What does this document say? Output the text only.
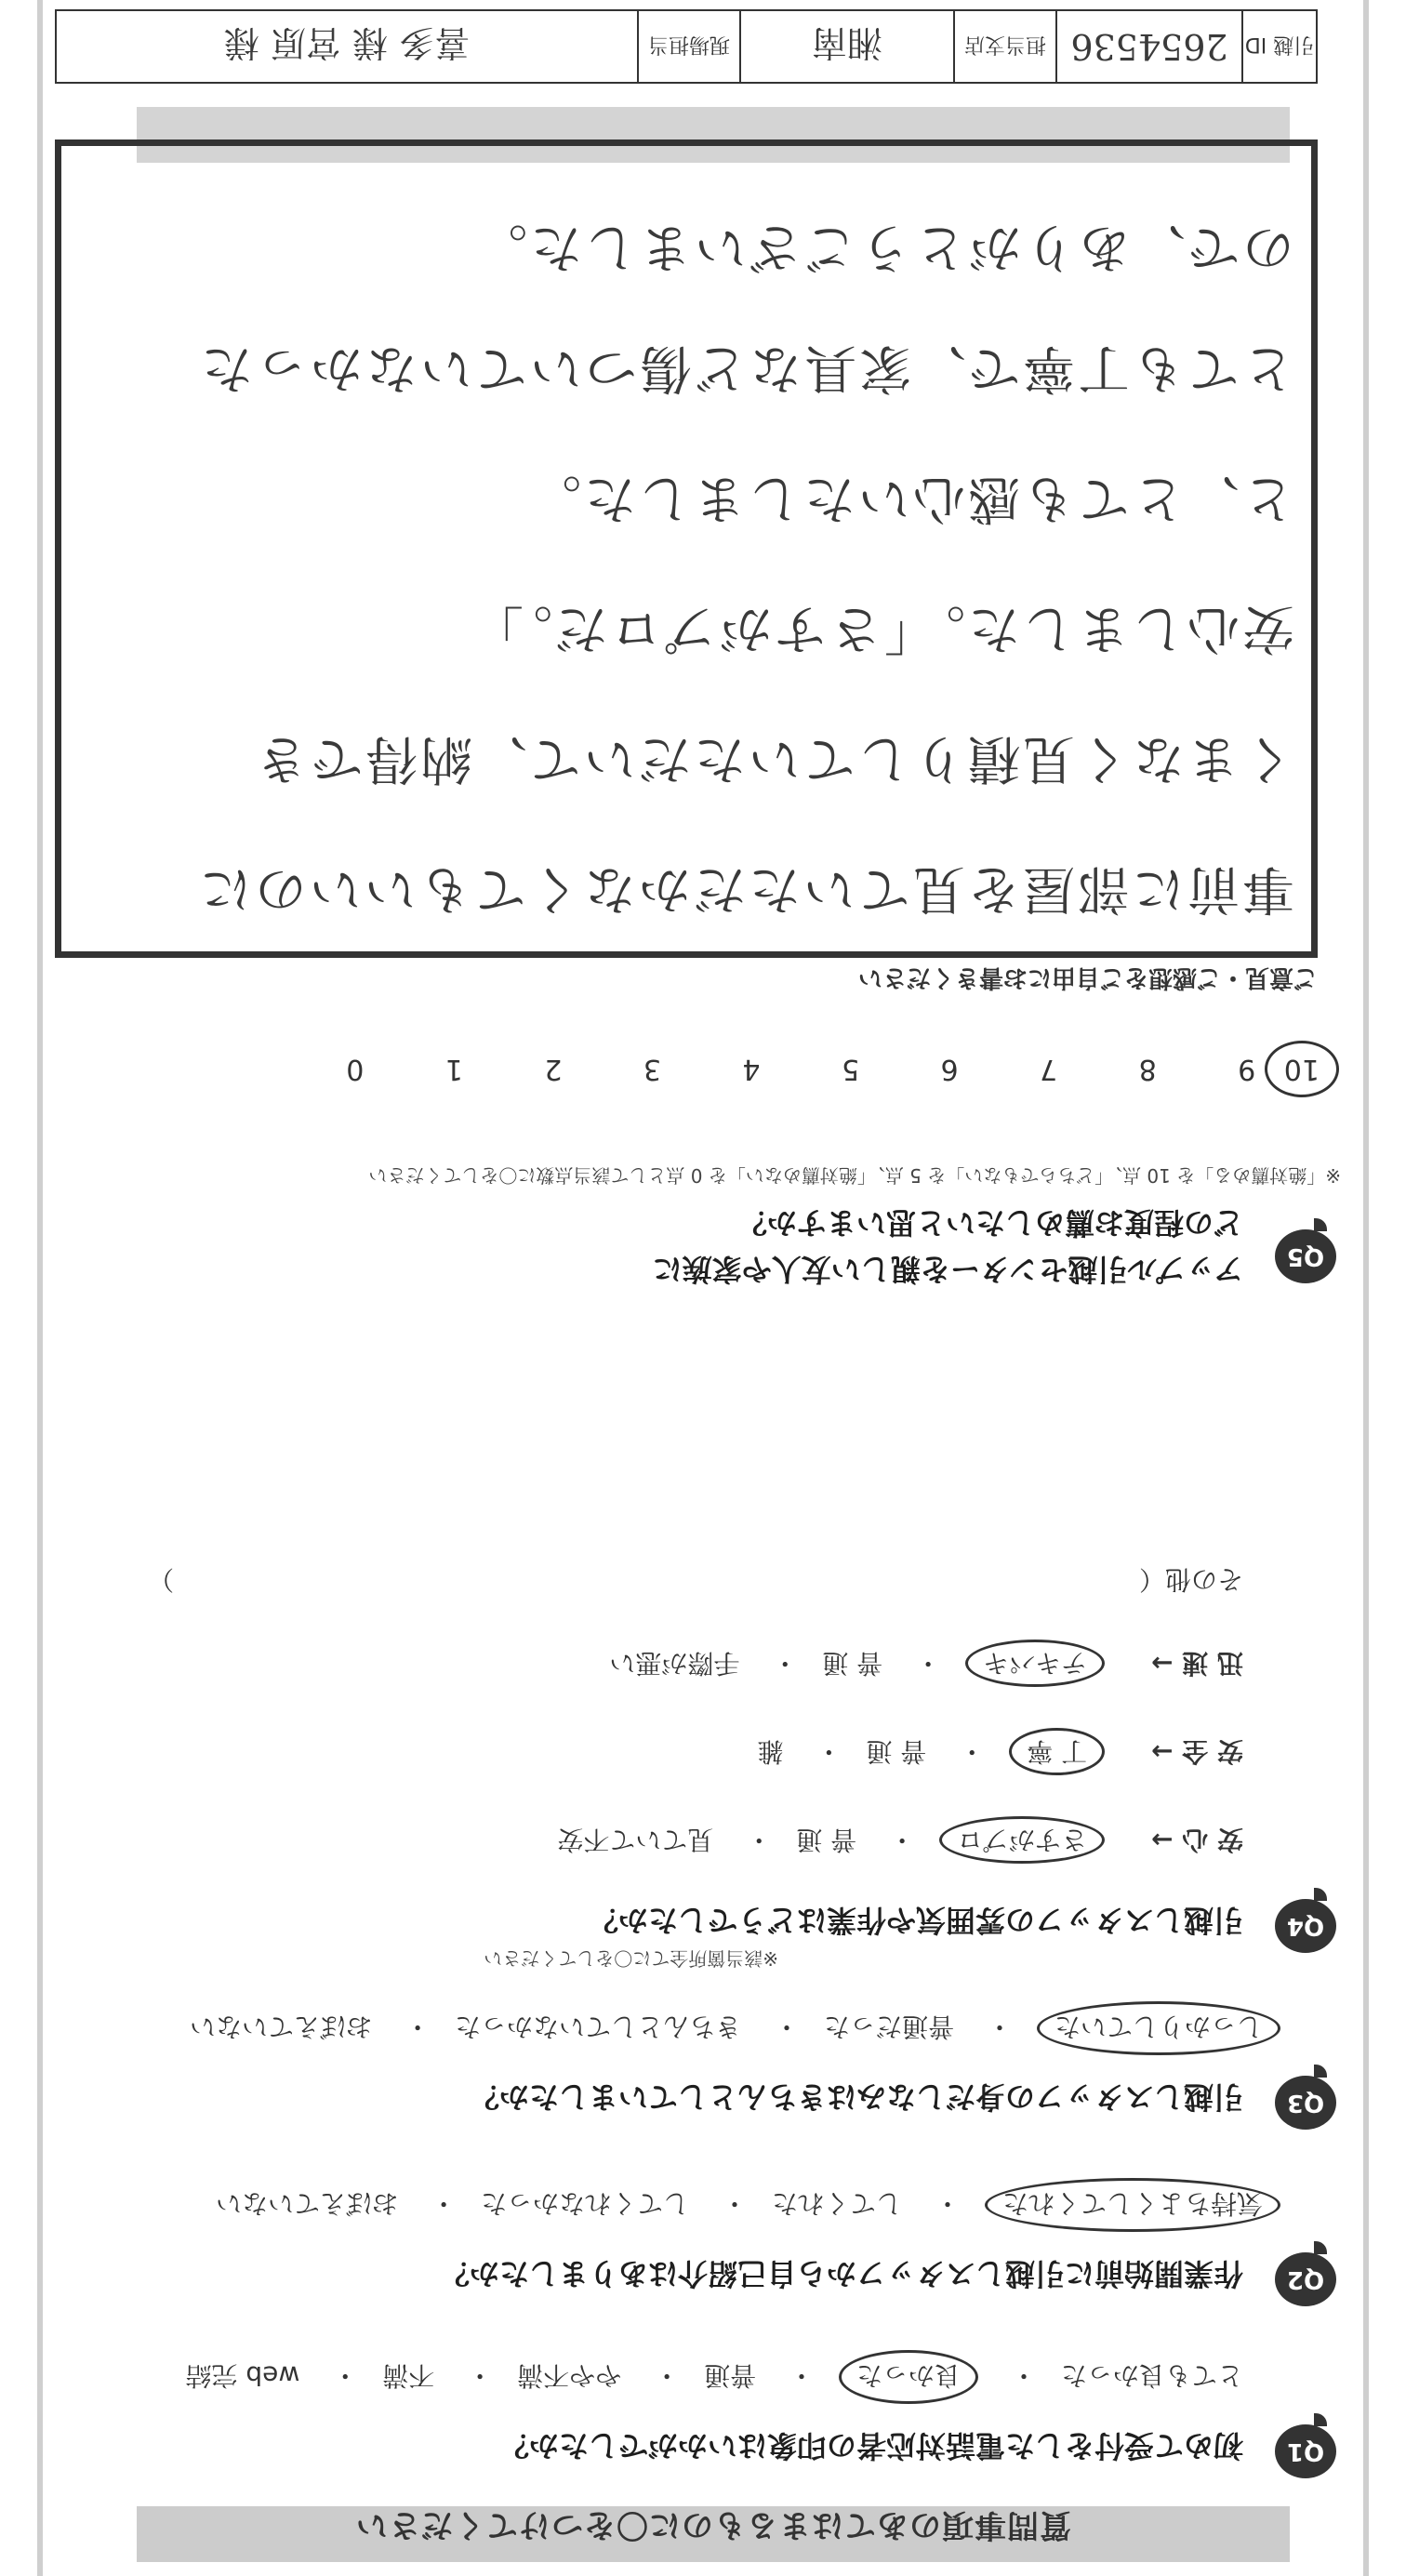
質問事項のあてはまるものに〇をつけてください
Q1
初めて受付をした電話対応者の印象はいかがでしたか？
とても良かった・ 良かった・ 普通・ やや不満・ 不満・ web 完結
Q2
作業開始前に引越しスタッフから自己紹介はありましたか？
気持ちよくしてくれた・ してくれた・ してくれなかった・ おぼえていない
Q3
引越しスタッフの身だしなみはきちんとしていましたか？
しっかりしていた・ 普通だった・ きちんとしていなかった・ おぼえていない
Q4
引越しスタッフの雰囲気や作業はどうでしたか？
※該当箇所全てに〇をしてください
安 心 → さすがプロ・ 普 通・ 見ていて不安
安 全 → 丁 寧・ 普 通・ 雑
迅 速 → テキパキ・ 普 通・ 手際が悪い
その他（  ）
Q5
アップル引越センターを親しい友人や家族に
どの程度お薦めしたいと思いますか？
※「絶対薦める」を 10 点、「どちらでもない」を 5 点、「絶対薦めない」を 0 点として該当点数に〇をしてください
10 9 8 7 6 5 4 3 2 1 0
ご意見・ご感想をご自由にお書きください
事前に部屋を見ていただかなくてもいいのに
くまなく見積りしていただいて、納得でき
安心しました。「さすがプロだ。」
と、とても感心いたしました。
とても丁寧で、家具など傷ついていなかった
ので、ありがとうございました。
引越 ID
2654536
担当支店
湘南
現場担当
喜多 様 宮原 様
